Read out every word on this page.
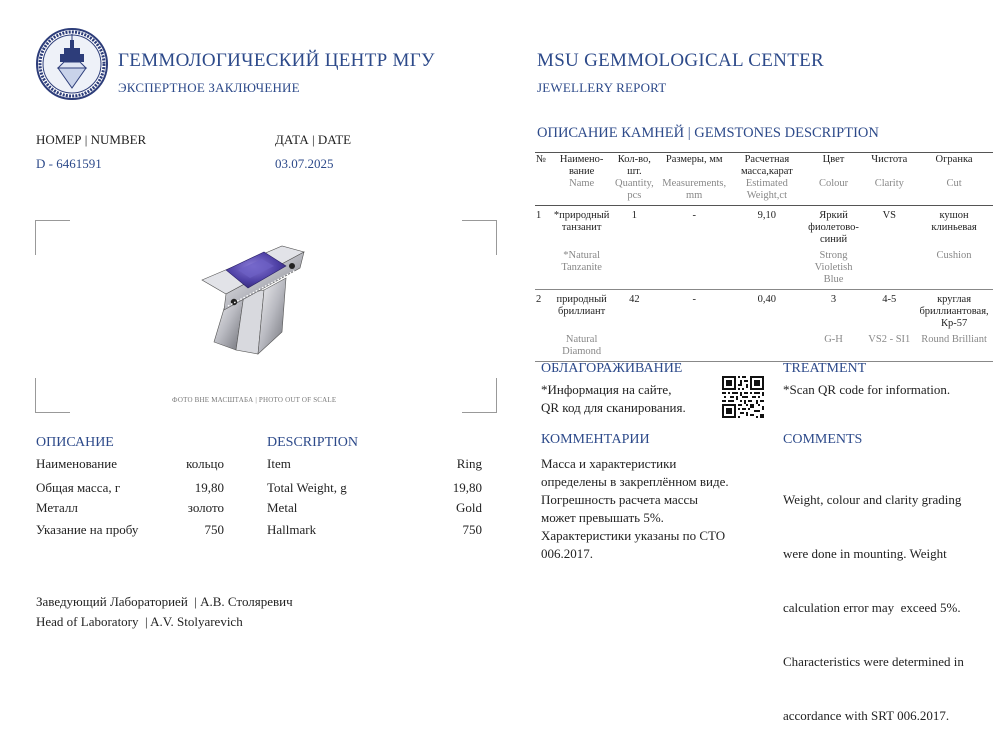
ГЕММОЛОГИЧЕСКИЙ ЦЕНТР МГУ
ЭКСПЕРТНОЕ ЗАКЛЮЧЕНИЕ
MSU GEMMOLOGICAL CENTER
JEWELLERY REPORT
НОМЕР | NUMBER
D - 6461591
ДАТА | DATE
03.07.2025
ФОТО ВНЕ МАСШТАБА | PHOTO OUT OF SCALE
ОПИСАНИЕ	DESCRIPTION
Наименование	кольцо	Item	Ring
Общая масса, г	19,80	Total Weight, g	19,80
Металл	золото	Metal	Gold
Указание на пробу	750	Hallmark	750
Заведующий Лабораторией  | А.В. Столяревич
Head of Laboratory  | A.V. Stolyarevich
ОПИСАНИЕ КАМНЕЙ | GEMSTONES DESCRIPTION
№	Наимено-вание	Кол-во, шт.	Размеры, мм	Расчетная масса,карат	Цвет	Чистота	Огранка
	Name	Quantity, pcs	Measurements, mm	Estimated Weight,ct	Colour	Clarity	Cut
1	*природный танзанит	1	-	9,10	Яркий фиолетово-синий	VS	кушон клиньевая
	*Natural Tanzanite				Strong Violetish Blue		Cushion
2	природный бриллиант	42	-	0,40	3	4-5	круглая бриллиантовая, Кр-57
	Natural Diamond				G-H	VS2 - SI1	Round Brilliant
ОБЛАГОРАЖИВАНИЕ
*Информация на сайте,
QR код для сканирования.
TREATMENT
*Scan QR code for information.
КОММЕНТАРИИ
Масса и характеристики
определены в закреплённом виде.
Погрешность расчета массы
может превышать 5%.
Характеристики указаны по СТО
006.2017.
COMMENTS

Weight, colour and clarity grading

were done in mounting. Weight

calculation error may  exceed 5%.

Characteristics were determined in

accordance with SRT 006.2017.
